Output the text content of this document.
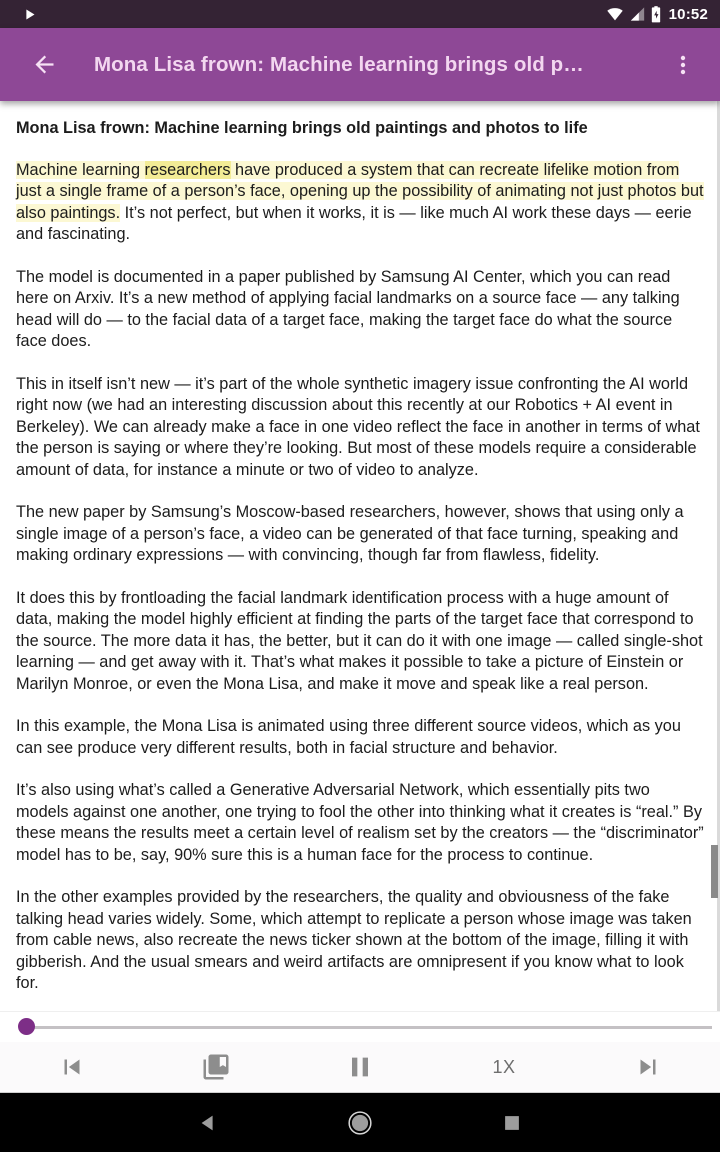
10:52
Mona Lisa frown: Machine learning brings old p…
Mona Lisa frown: Machine learning brings old paintings and photos to life

Machine learning researchers have produced a system that can recreate lifelike motion from just a single frame of a person’s face, opening up the possibility of animating not just photos but also paintings. It’s not perfect, but when it works, it is — like much AI work these days — eerie and fascinating.

The model is documented in a paper published by Samsung AI Center, which you can read here on Arxiv. It’s a new method of applying facial landmarks on a source face — any talking head will do — to the facial data of a target face, making the target face do what the source face does.

This in itself isn’t new — it’s part of the whole synthetic imagery issue confronting the AI world right now (we had an interesting discussion about this recently at our Robotics + AI event in Berkeley). We can already make a face in one video reflect the face in another in terms of what the person is saying or where they’re looking. But most of these models require a considerable amount of data, for instance a minute or two of video to analyze.

The new paper by Samsung’s Moscow-based researchers, however, shows that using only a single image of a person’s face, a video can be generated of that face turning, speaking and making ordinary expressions — with convincing, though far from flawless, fidelity.

It does this by frontloading the facial landmark identification process with a huge amount of data, making the model highly efficient at finding the parts of the target face that correspond to the source. The more data it has, the better, but it can do it with one image — called single-shot learning — and get away with it. That’s what makes it possible to take a picture of Einstein or Marilyn Monroe, or even the Mona Lisa, and make it move and speak like a real person.

In this example, the Mona Lisa is animated using three different source videos, which as you can see produce very different results, both in facial structure and behavior.

It’s also using what’s called a Generative Adversarial Network, which essentially pits two models against one another, one trying to fool the other into thinking what it creates is “real.” By these means the results meet a certain level of realism set by the creators — the “discriminator” model has to be, say, 90% sure this is a human face for the process to continue.

In the other examples provided by the researchers, the quality and obviousness of the fake talking head varies widely. Some, which attempt to replicate a person whose image was taken from cable news, also recreate the news ticker shown at the bottom of the image, filling it with gibberish. And the usual smears and weird artifacts are omnipresent if you know what to look for.

1X
